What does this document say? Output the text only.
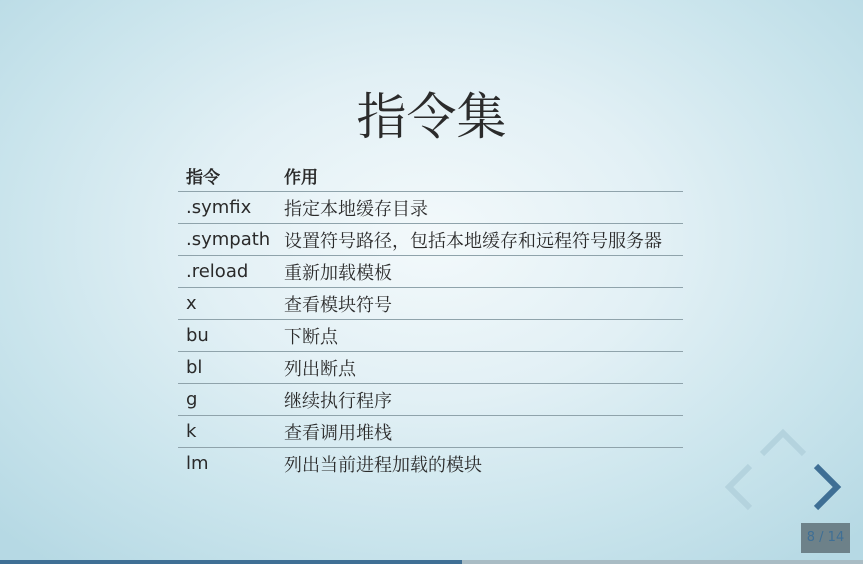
指令集
指令	作用
.symfix	指定本地缓存目录
.sympath	设置符号路径，包括本地缓存和远程符号服务器
.reload	重新加载模板
x	查看模块符号
bu	下断点
bl	列出断点
g	继续执行程序
k	查看调用堆栈
lm	列出当前进程加载的模块
8 / 14
